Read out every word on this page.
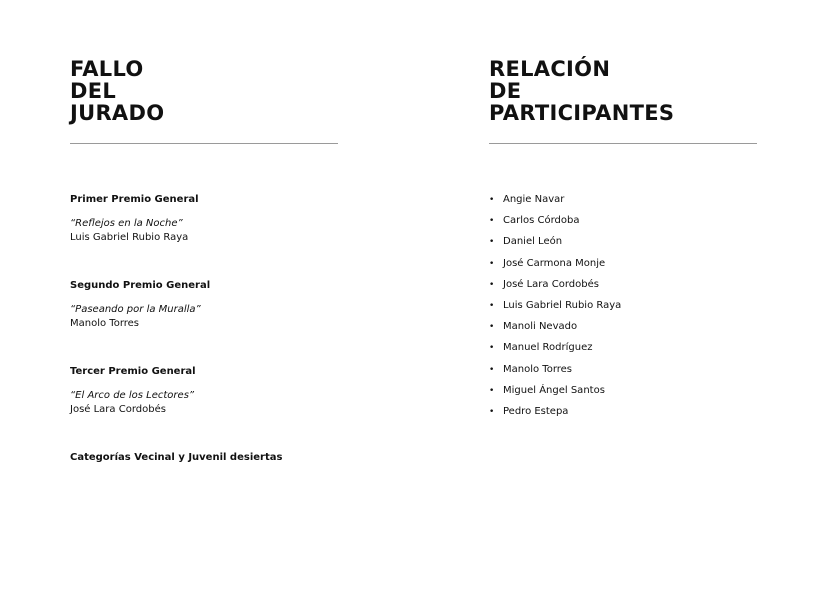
FALLO
DEL
JURADO

Primer Premio General

“Reflejos en la Noche”

Luis Gabriel Rubio Raya

Segundo Premio General

“Paseando por la Muralla”

Manolo Torres

Tercer Premio General

“El Arco de los Lectores”

José Lara Cordobés

Categorías Vecinal y Juvenil desiertas

RELACIÓN
DE
PARTICIPANTES
• Angie Navar
• Carlos Córdoba
• Daniel León
• José Carmona Monje
• José Lara Cordobés
• Luis Gabriel Rubio Raya
• Manoli Nevado
• Manuel Rodríguez
• Manolo Torres
• Miguel Ángel Santos
• Pedro Estepa
